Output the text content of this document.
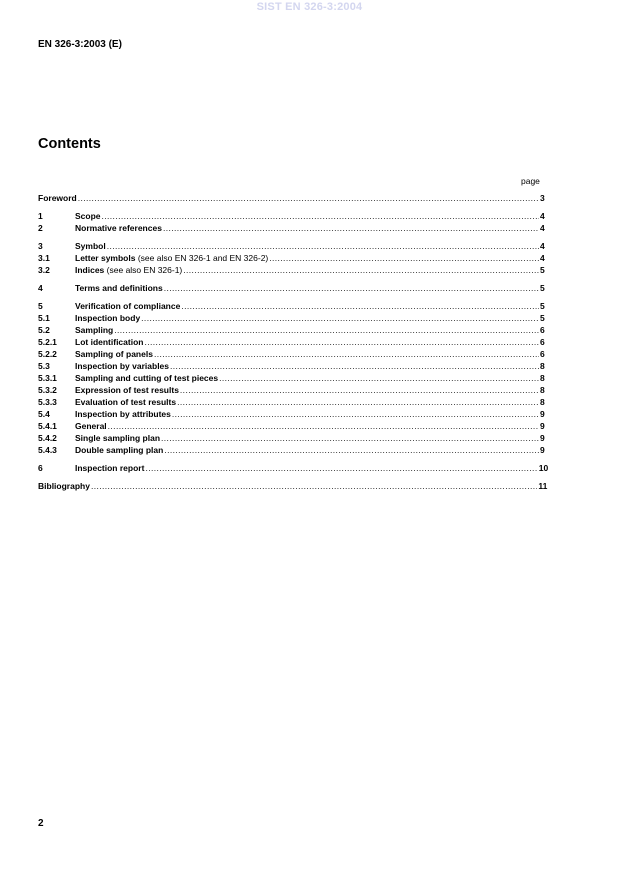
SIST EN 326-3:2004
EN 326-3:2003 (E)
Contents
page
Foreword .....	3
1	Scope .....	4
2	Normative references .....	4
3	Symbol .....	4
3.1	Letter symbols
(see also EN 326-1 and EN 326-2) .....	4
3.2	Indices
(see also EN 326-1) .....	5
4	Terms and definitions .....	5
5	Verification of compliance .....	5
5.1	Inspection body .....	5
5.2	Sampling .....	6
5.2.1	Lot identification .....	6
5.2.2	Sampling of panels .....	6
5.3	Inspection by variables .....	8
5.3.1	Sampling and cutting of test pieces .....	8
5.3.2	Expression of test results .....	8
5.3.3	Evaluation of test results .....	8
5.4	Inspection by attributes .....	9
5.4.1	General .....	9
5.4.2	Single sampling plan .....	9
5.4.3	Double sampling plan .....	9
6	Inspection report .....	10
Bibliography .....	11
2
